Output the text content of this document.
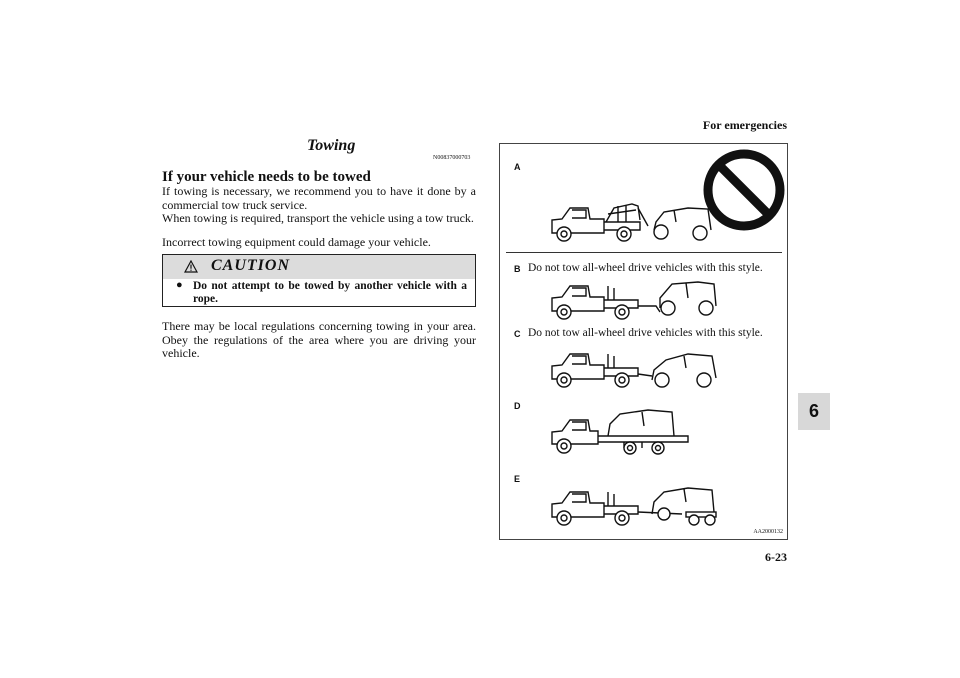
For emergencies
6-23
6
Towing
N00837000703
If your vehicle needs to be towed
If towing is necessary, we recommend you to have it done by a commercial tow truck service.
When towing is required, transport the vehicle using a tow truck.
Incorrect towing equipment could damage your vehicle.
CAUTION
● Do not attempt to be towed by another vehicle with a rope.
There may be local regulations concerning towing in your area. Obey the regulations of the area where you are driving your vehicle.
A
B
C
D
E
Do not tow all-wheel drive vehicles with this style.
Do not tow all-wheel drive vehicles with this style.
AA2000132
